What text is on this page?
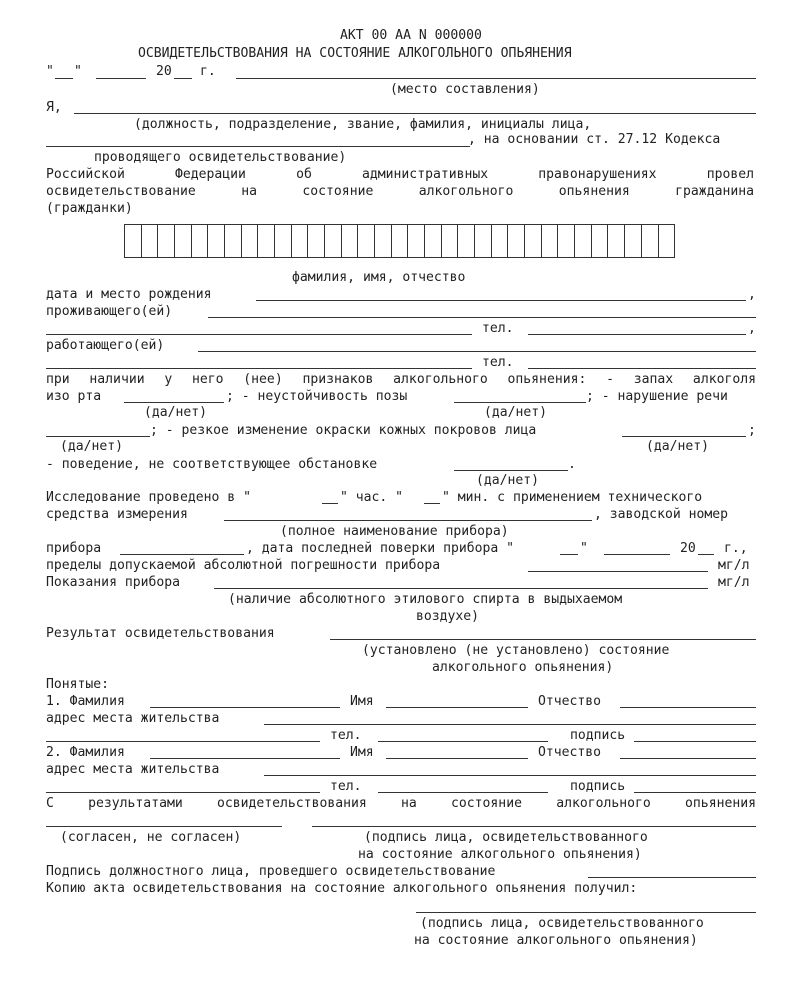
АКТ 00 АА N 000000
ОСВИДЕТЕЛЬСТВОВАНИЯ НА СОСТОЯНИЕ АЛКОГОЛЬНОГО ОПЬЯНЕНИЯ
" "	20 г.
(место составления)
Я,
(должность, подразделение, звание, фамилия, инициалы лица,
, на основании ст. 27.12 Кодекса
проводящего освидетельствование)
Российской Федерации об административных правонарушениях провел
освидетельствование на состояние алкогольного опьянения гражданина
(гражданки)
фамилия, имя, отчество
дата и место рождения	,
проживающего(ей)
тел.	,
работающего(ей)
тел.
при наличии у него (нее) признаков алкогольного опьянения: - запах алкоголя
изо рта	; - неустойчивость позы	; - нарушение речи
(да/нет)	(да/нет)
; - резкое изменение окраски кожных покровов лица	;
(да/нет)	(да/нет)
- поведение, не соответствующее обстановке	.
(да/нет)
Исследование проведено в "	" час. "	" мин. с применением технического
средства измерения	, заводской номер
(полное наименование прибора)
прибора	, дата последней поверки прибора "	"	20 г.,
пределы допускаемой абсолютной погрешности прибора	мг/л
Показания прибора	мг/л
(наличие абсолютного этилового спирта в выдыхаемом
воздухе)
Результат освидетельствования
(установлено (не установлено) состояние
алкогольного опьянения)
Понятые:
1. Фамилия	Имя	Отчество
адрес места жительства
тел.	подпись
2. Фамилия	Имя	Отчество
адрес места жительства
тел.	подпись
С результатами освидетельствования на состояние алкогольного опьянения
(согласен, не согласен)	(подпись лица, освидетельствованного
на состояние алкогольного опьянения)
Подпись должностного лица, проведшего освидетельствование
Копию акта освидетельствования на состояние алкогольного опьянения получил:
(подпись лица, освидетельствованного
на состояние алкогольного опьянения)
